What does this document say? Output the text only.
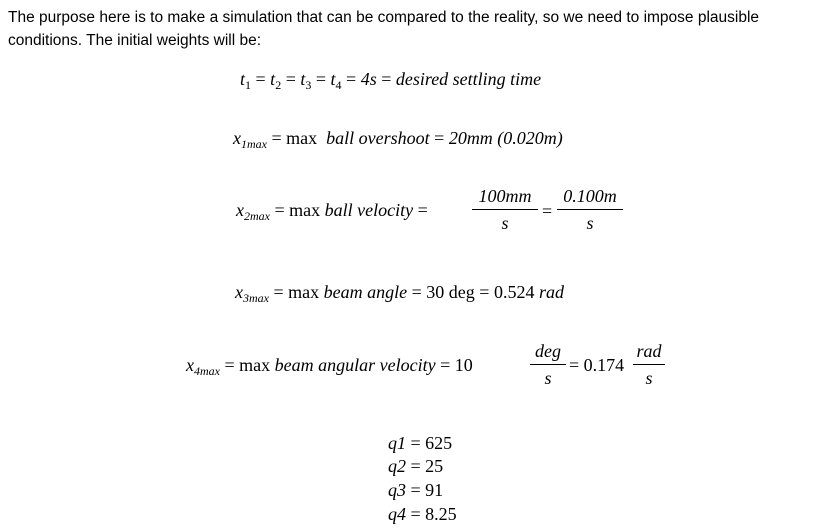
The purpose here is to make a simulation that can be compared to the reality, so we need to impose plausible conditions. The initial weights will be:

$t_1 = t_2 = t_3 = t_4 = 4s$ = desired settling time
$x_{1max} = \max$ ball overshoot = 20mm (0.020m)
$x_{2max} = \max$ ball velocity =
100mm
s
=
0.100m
s
$x_{3max} = \max$ beam angle = 30 deg = 0.524 rad
$x_{4max} = \max$ beam angular velocity = 10
deg
s
= 0.174
rad
s
q1 = 625
q2 = 25
q3 = 91
q4 = 8.25
